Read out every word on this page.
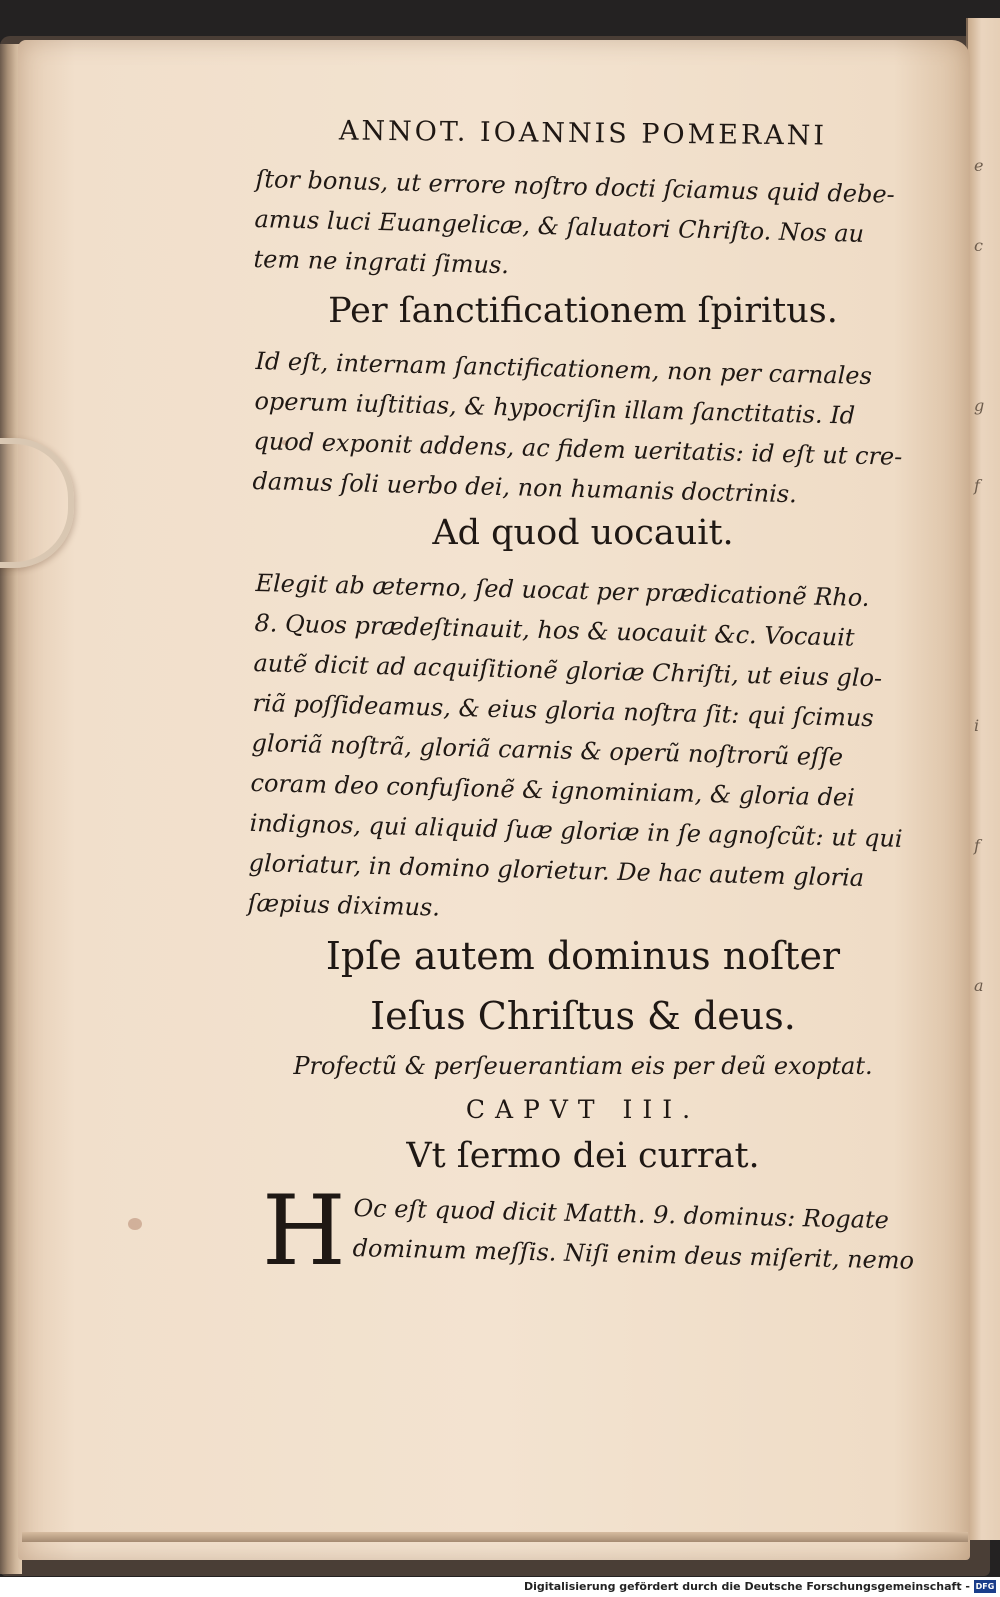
e
c
g
f
i
f
a
ANNOT. IOANNIS POMERANI
ſtor bonus, ut errore noſtro docti ſciamus quid debe-
amus luci Euangelicæ, & ſaluatori Chriſto. Nos au
tem ne ingrati ſimus.
Per ſanctificationem ſpiritus.
Id eſt, internam ſanctificationem, non per carnales
operum iuſtitias, & hypocriſin illam ſanctitatis. Id
quod exponit addens, ac fidem ueritatis: id eſt ut cre-
damus ſoli uerbo dei, non humanis doctrinis.
Ad quod uocauit.
Elegit ab æterno, ſed uocat per prædicationẽ Rho.
8. Quos prædeſtinauit, hos & uocauit &c. Vocauit
autẽ dicit ad acquiſitionẽ gloriæ Chriſti, ut eius glo-
riã poſſideamus, & eius gloria noſtra ſit: qui ſcimus
gloriã noſtrã, gloriã carnis & operũ noſtrorũ eſſe
coram deo confuſionẽ & ignominiam, & gloria dei
indignos, qui aliquid ſuæ gloriæ in ſe agnoſcũt: ut qui
gloriatur, in domino glorietur. De hac autem gloria
ſæpius diximus.
Ipſe autem dominus noſter
Ieſus Chriſtus & deus.
Profectũ & perſeuerantiam eis per deũ exoptat.
CAPVT III.
Vt ſermo dei currat.
H Oc eſt quod dicit Matth. 9. dominus: Rogate
dominum meſſis. Niſi enim deus miſerit, nemo
Digitalisierung gefördert durch die Deutsche Forschungsgemeinschaft - DFG
